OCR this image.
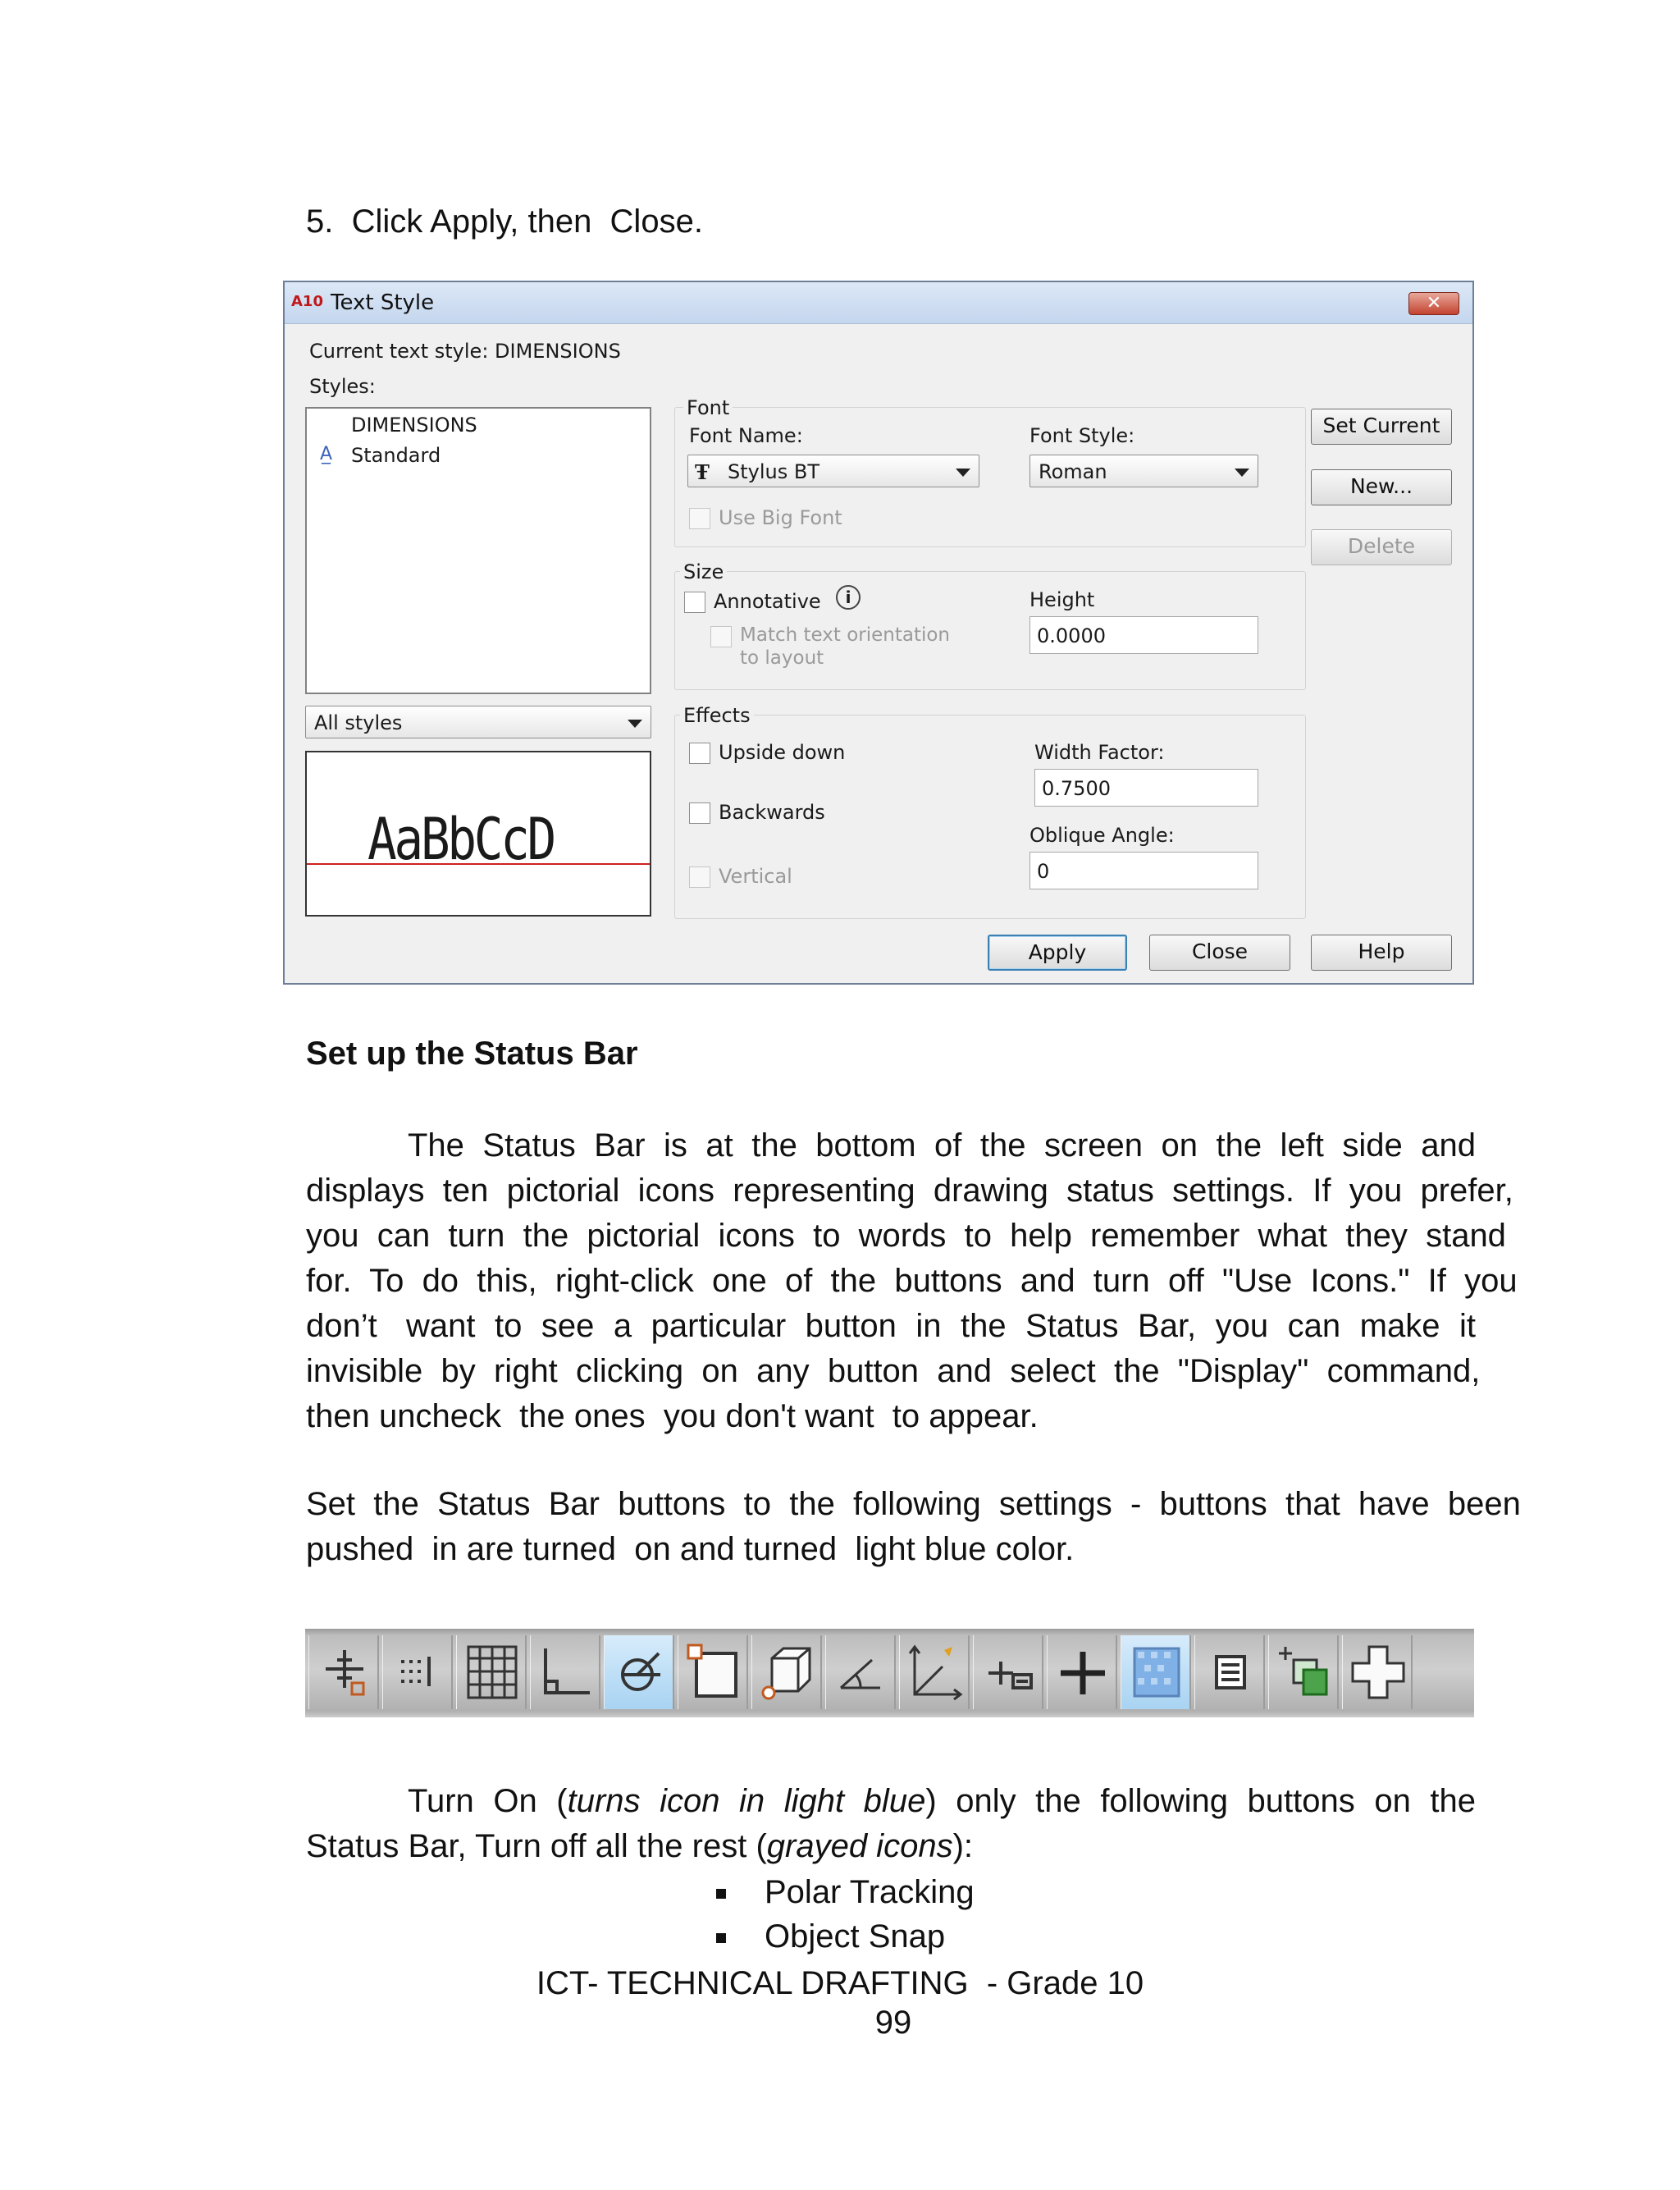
5.  Click Apply, then  Close.
A10 Text Style	✕
Current text style: DIMENSIONS
Styles:
DIMENSIONS
A̲ Standard
All styles
AaBbCcD
Font
Font Name:
Ŧ Stylus BT
Font Style:
Roman
Use Big Font
Size
Annotative	i
Match text orientation
to layout
Height
0.0000
Effects
Upside down
Backwards
Vertical
Width Factor:
0.7500
Oblique Angle:
0
Set Current
New...
Delete
Apply	Close	Help
Set up the Status Bar
The  Status  Bar  is  at  the  bottom  of  the  screen  on  the  left  side  and
displays  ten  pictorial  icons  representing  drawing  status  settings.  If  you  prefer,
you  can  turn  the  pictorial  icons  to  words  to  help  remember  what  they  stand
for.  To  do  this,  right-click  one  of  the  buttons  and  turn  off  "Use  Icons."  If  you
don’t   want  to  see  a  particular  button  in  the  Status  Bar,  you  can  make  it
invisible  by  right  clicking  on  any  button  and  select  the  "Display"  command,
then uncheck  the ones  you don't want  to appear.
Set  the  Status  Bar  buttons  to  the  following  settings  -  buttons  that  have  been
pushed  in are turned  on and turned  light blue color.
Turn  On  (turns  icon  in  light  blue)  only  the  following  buttons  on  the
Status Bar, Turn off all the rest (grayed icons):
Polar Tracking
Object Snap
ICT- TECHNICAL DRAFTING  - Grade 10
99
